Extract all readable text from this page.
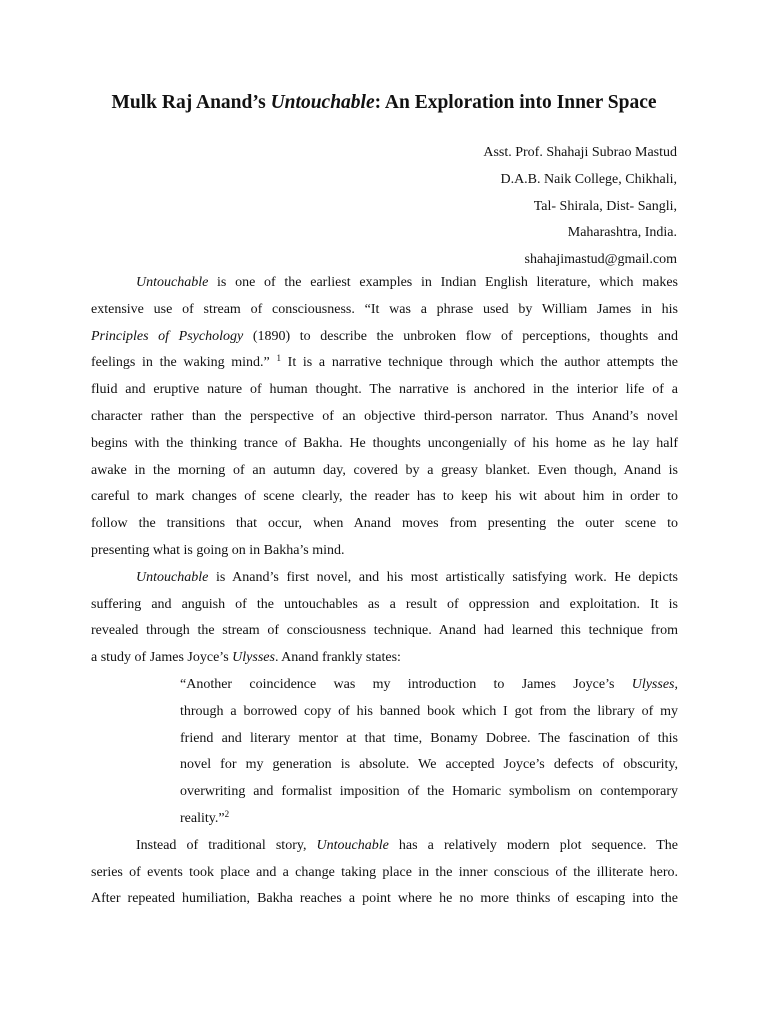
Mulk Raj Anand’s Untouchable: An Exploration into Inner Space
Asst. Prof. Shahaji Subrao Mastud
D.A.B. Naik College, Chikhali,
Tal- Shirala, Dist- Sangli,
Maharashtra, India.
shahajimastud@gmail.com
Untouchable is one of the earliest examples in Indian English literature, which makes
extensive use of stream of consciousness. “It was a phrase used by William James in his
Principles of Psychology (1890) to describe the unbroken flow of perceptions, thoughts and
feelings in the waking mind.” $^1$ It is a narrative technique through which the author attempts the
fluid and eruptive nature of human thought. The narrative is anchored in the interior life of a
character rather than the perspective of an objective third-person narrator. Thus Anand’s novel
begins with the thinking trance of Bakha. He thoughts uncongenially of his home as he lay half
awake in the morning of an autumn day, covered by a greasy blanket. Even though, Anand is
careful to mark changes of scene clearly, the reader has to keep his wit about him in order to
follow the transitions that occur, when Anand moves from presenting the outer scene to
presenting what is going on in Bakha’s mind.
Untouchable is Anand’s first novel, and his most artistically satisfying work. He depicts
suffering and anguish of the untouchables as a result of oppression and exploitation. It is
revealed through the stream of consciousness technique. Anand had learned this technique from
a study of James Joyce’s Ulysses. Anand frankly states:
“Another coincidence was my introduction to James Joyce’s Ulysses,
through a borrowed copy of his banned book which I got from the library of my
friend and literary mentor at that time, Bonamy Dobree. The fascination of this
novel for my generation is absolute. We accepted Joyce’s defects of obscurity,
overwriting and formalist imposition of the Homaric symbolism on contemporary
reality.”$^2$
Instead of traditional story, Untouchable has a relatively modern plot sequence. The
series of events took place and a change taking place in the inner conscious of the illiterate hero.
After repeated humiliation, Bakha reaches a point where he no more thinks of escaping into the
